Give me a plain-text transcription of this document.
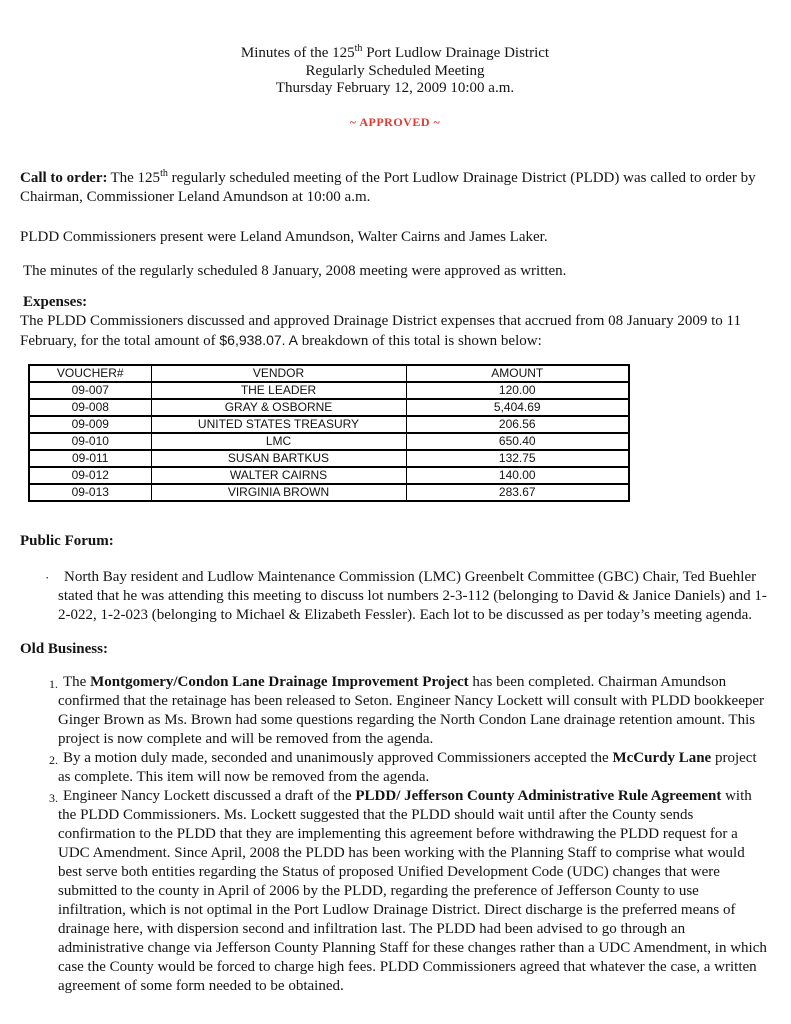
Minutes of the 125th Port Ludlow Drainage District
Regularly Scheduled Meeting
Thursday February 12, 2009 10:00 a.m.
~ APPROVED ~

Call to order: The 125th regularly scheduled meeting of the Port Ludlow Drainage District (PLDD) was called to order by Chairman, Commissioner Leland Amundson at 10:00 a.m.

PLDD Commissioners present were Leland Amundson, Walter Cairns and James Laker.

The minutes of the regularly scheduled 8 January, 2008 meeting were approved as written.

Expenses:

The PLDD Commissioners discussed and approved Drainage District expenses that accrued from 08 January 2009 to 11 February, for the total amount of $6,938.07. A breakdown of this total is shown below:

VOUCHER#	VENDOR	AMOUNT
09-007	THE LEADER	120.00
09-008	GRAY & OSBORNE	5,404.69
09-009	UNITED STATES TREASURY	206.56
09-010	LMC	650.40
09-011	SUSAN BARTKUS	132.75
09-012	WALTER CAIRNS	140.00
09-013	VIRGINIA BROWN	283.67

Public Forum:

· North Bay resident and Ludlow Maintenance Commission (LMC) Greenbelt Committee (GBC) Chair, Ted Buehler stated that he was attending this meeting to discuss lot numbers 2-3-112 (belonging to David & Janice Daniels) and 1-2-022, 1-2-023 (belonging to Michael & Elizabeth Fessler). Each lot to be discussed as per today’s meeting agenda.

Old Business:

1. The Montgomery/Condon Lane Drainage Improvement Project has been completed. Chairman Amundson confirmed that the retainage has been released to Seton. Engineer Nancy Lockett will consult with PLDD bookkeeper Ginger Brown as Ms. Brown had some questions regarding the North Condon Lane drainage retention amount. This project is now complete and will be removed from the agenda.
2. By a motion duly made, seconded and unanimously approved Commissioners accepted the McCurdy Lane project as complete. This item will now be removed from the agenda.
3. Engineer Nancy Lockett discussed a draft of the PLDD/ Jefferson County Administrative Rule Agreement with the PLDD Commissioners. Ms. Lockett suggested that the PLDD should wait until after the County sends confirmation to the PLDD that they are implementing this agreement before withdrawing the PLDD request for a UDC Amendment. Since April, 2008 the PLDD has been working with the Planning Staff to comprise what would best serve both entities regarding the Status of proposed Unified Development Code (UDC) changes that were submitted to the county in April of 2006 by the PLDD, regarding the preference of Jefferson County to use infiltration, which is not optimal in the Port Ludlow Drainage District. Direct discharge is the preferred means of drainage here, with dispersion second and infiltration last. The PLDD had been advised to go through an administrative change via Jefferson County Planning Staff for these changes rather than a UDC Amendment, in which case the County would be forced to charge high fees. PLDD Commissioners agreed that whatever the case, a written agreement of some form needed to be obtained.
